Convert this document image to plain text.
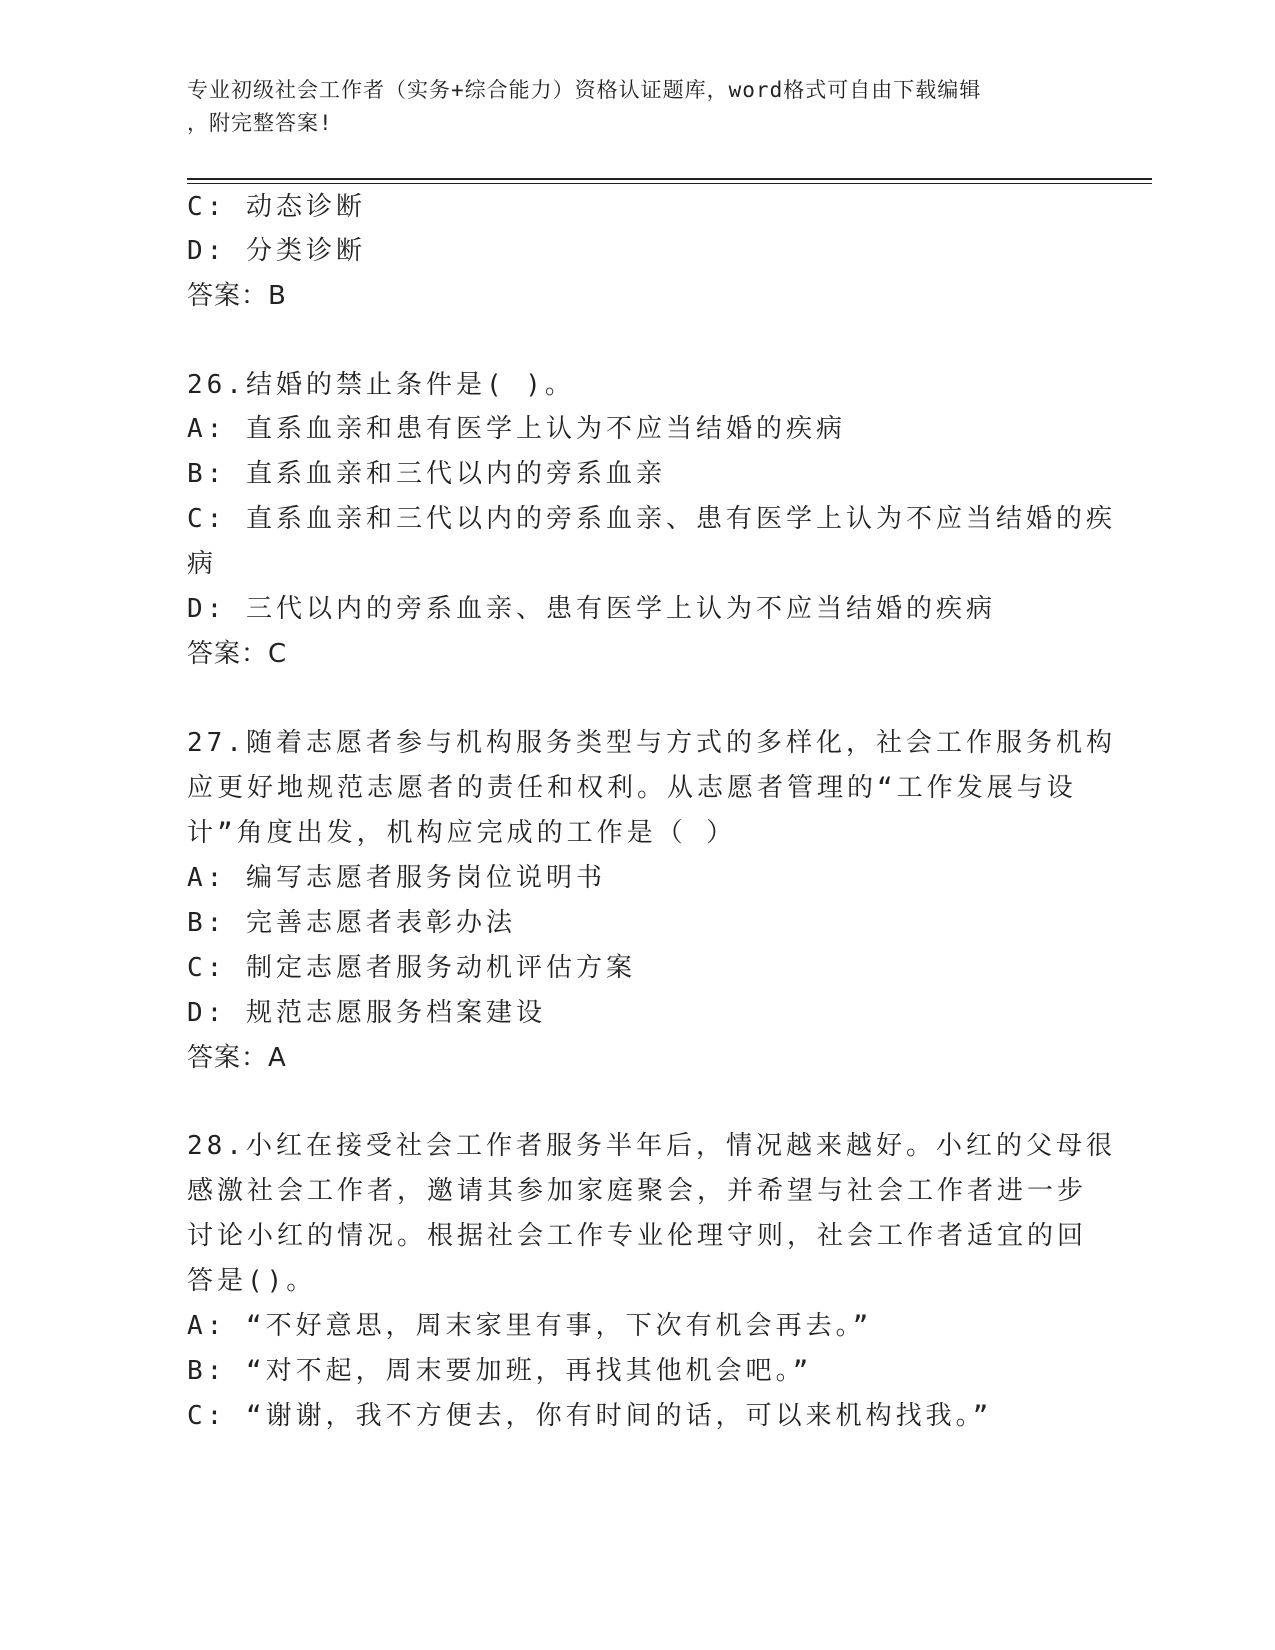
专业初级社会工作者（实务+综合能力）资格认证题库，word格式可自由下载编辑
，附完整答案!
C: 动态诊断
D: 分类诊断
答案：B
26.结婚的禁止条件是( )。
A: 直系血亲和患有医学上认为不应当结婚的疾病
B: 直系血亲和三代以内的旁系血亲
C: 直系血亲和三代以内的旁系血亲、患有医学上认为不应当结婚的疾
病
D: 三代以内的旁系血亲、患有医学上认为不应当结婚的疾病
答案：C
27.随着志愿者参与机构服务类型与方式的多样化，社会工作服务机构
应更好地规范志愿者的责任和权利。从志愿者管理的“工作发展与设
计”角度出发，机构应完成的工作是（ ）
A: 编写志愿者服务岗位说明书
B: 完善志愿者表彰办法
C: 制定志愿者服务动机评估方案
D: 规范志愿服务档案建设
答案：A
28.小红在接受社会工作者服务半年后，情况越来越好。小红的父母很
感激社会工作者，邀请其参加家庭聚会，并希望与社会工作者进一步
讨论小红的情况。根据社会工作专业伦理守则，社会工作者适宜的回
答是()。
A: “不好意思，周末家里有事，下次有机会再去。”
B: “对不起，周末要加班，再找其他机会吧。”
C: “谢谢，我不方便去，你有时间的话，可以来机构找我。”
